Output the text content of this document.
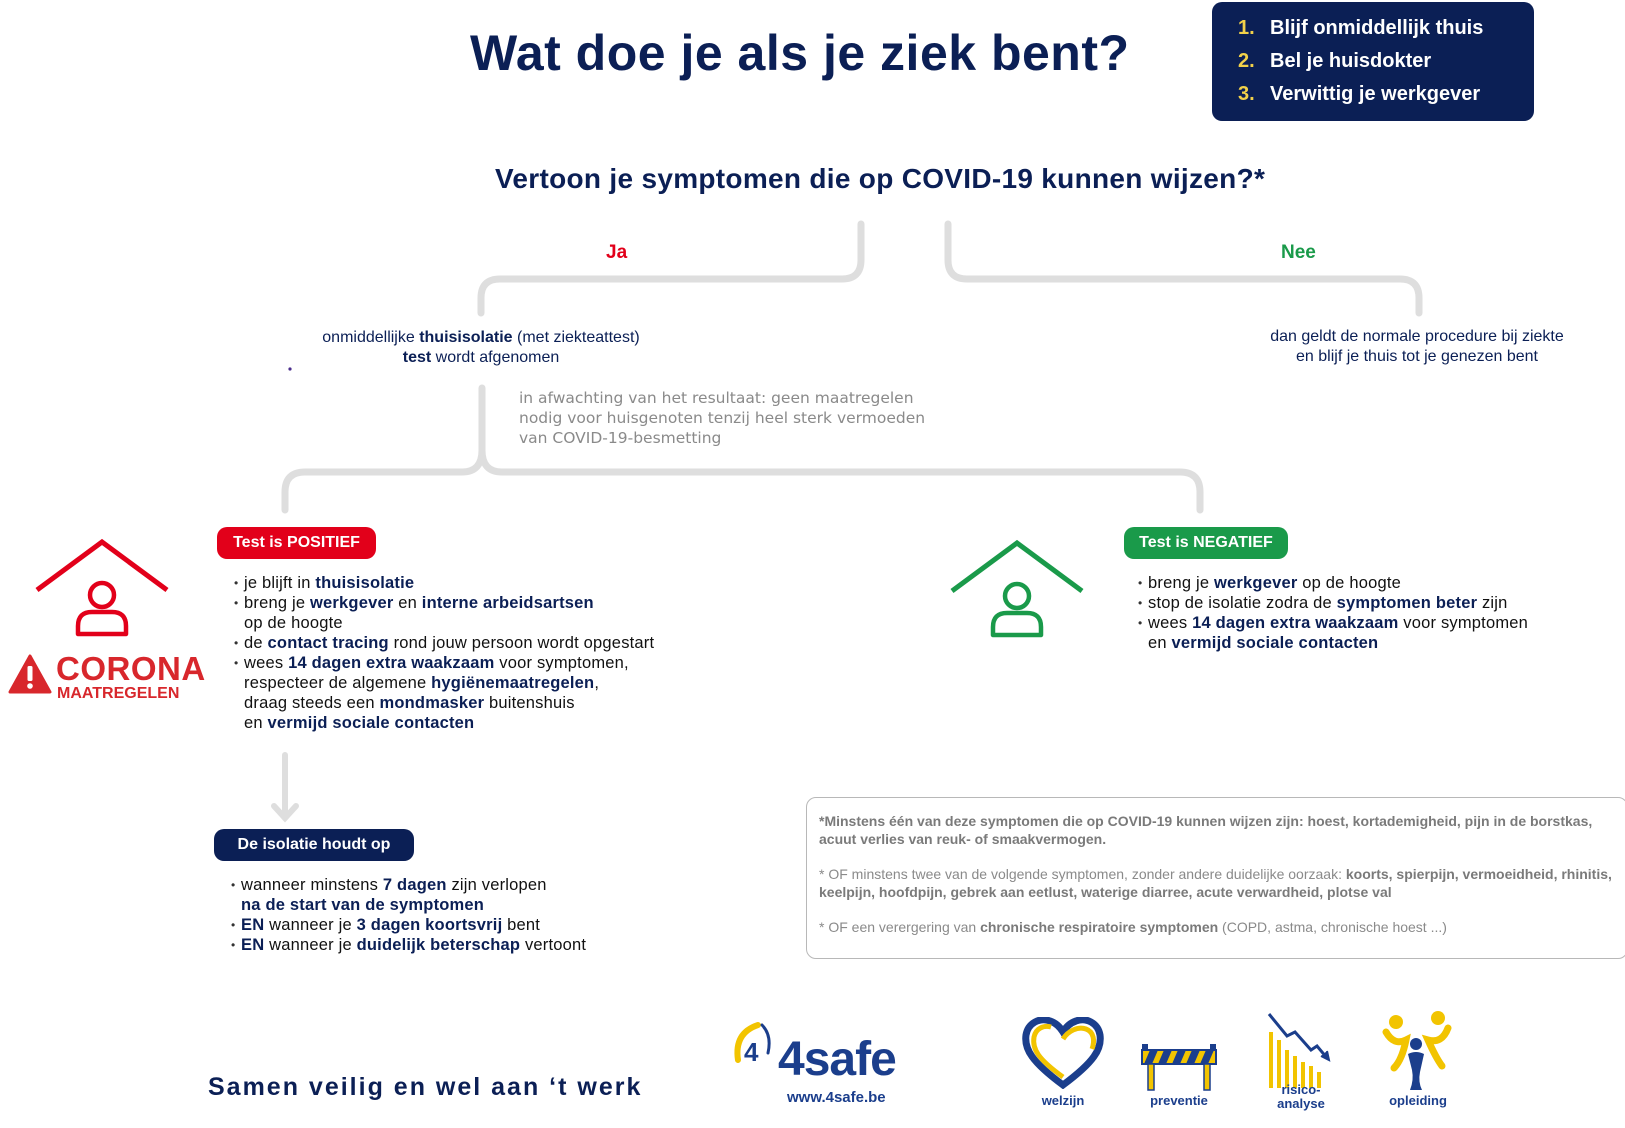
Wat doe je als je ziek bent?	1. Blijf onmiddellijk thuis
2. Bel je huisdokter
3. Verwittig je werkgever
Vertoon je symptomen die op COVID-19 kunnen wijzen?*
Ja	Nee
onmiddellijke thuisisolatie (met ziekteattest)
test wordt afgenomen
dan geldt de normale procedure bij ziekte
en blijf je thuis tot je genezen bent
in afwachting van het resultaat: geen maatregelen
nodig voor huisgenoten tenzij heel sterk vermoeden
van COVID-19-besmetting
CORONA
MAATREGELEN
Test is POSITIEF
• je blijft in thuisisolatie
• breng je werkgever en interne arbeidsartsen
op de hoogte
• de contact tracing rond jouw persoon wordt opgestart
• wees 14 dagen extra waakzaam voor symptomen,
respecteer de algemene hygiënemaatregelen,
draag steeds een mondmasker buitenshuis
en vermijd sociale contacten
De isolatie houdt op
• wanneer minstens 7 dagen zijn verlopen
na de start van de symptomen
• EN wanneer je 3 dagen koortsvrij bent
• EN wanneer je duidelijk beterschap vertoont
Test is NEGATIEF
• breng je werkgever op de hoogte
• stop de isolatie zodra de symptomen beter zijn
• wees 14 dagen extra waakzaam voor symptomen
en vermijd sociale contacten

*Minstens één van deze symptomen die op COVID-19 kunnen wijzen zijn: hoest, kortademigheid, pijn in de borstkas, acuut verlies van reuk- of smaakvermogen.

* OF minstens twee van de volgende symptomen, zonder andere duidelijke oorzaak: koorts, spierpijn, vermoeidheid, rhinitis, keelpijn, hoofdpijn, gebrek aan eetlust, waterige diarree, acute verwardheid, plotse val

* OF een verergering van chronische respiratoire symptomen (COPD, astma, chronische hoest ...)

Samen veilig en wel aan ‘t werk
4 4safe
www.4safe.be	welzijn	preventie
risico-
analyse	opleiding
